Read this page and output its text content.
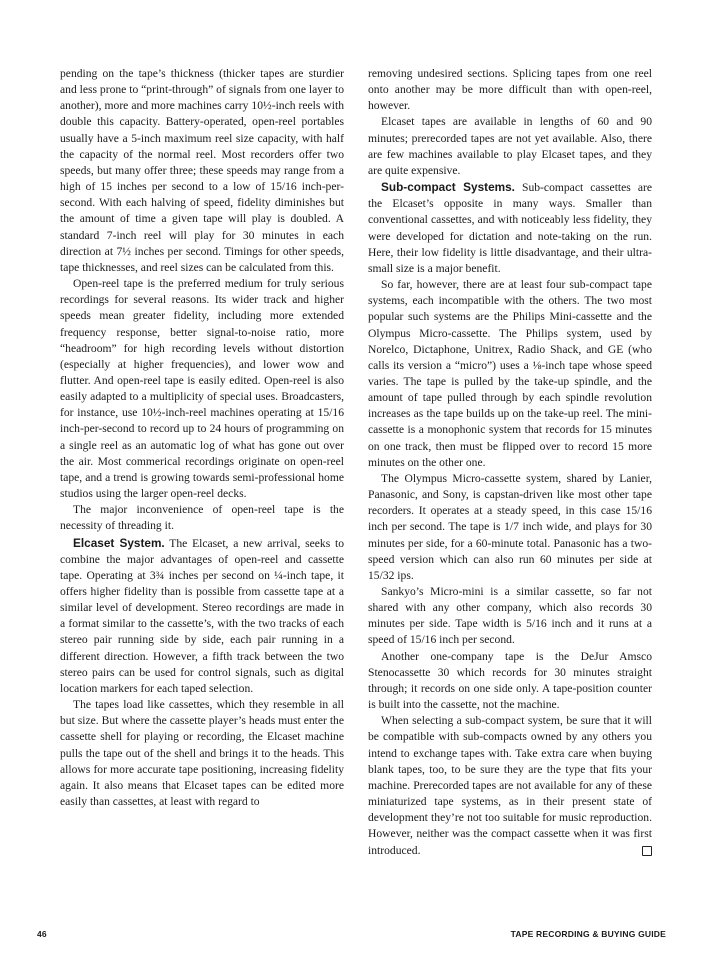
pending on the tape’s thickness (thicker tapes are sturdier and less prone to “print-through” of signals from one layer to another), more and more machines carry 10½-inch reels with double this capacity. Battery-operated, open-reel portables usually have a 5-inch maximum reel size capacity, with half the capacity of the normal reel. Most recorders offer two speeds, but many offer three; these speeds may range from a high of 15 inches per second to a low of 15/16 inch-per-second. With each halving of speed, fidelity diminishes but the amount of time a given tape will play is doubled. A standard 7-inch reel will play for 30 minutes in each direction at 7½ inches per second. Timings for other speeds, tape thicknesses, and reel sizes can be calculated from this.

Open-reel tape is the preferred medium for truly serious recordings for several reasons. Its wider track and higher speeds mean greater fidelity, including more extended frequency response, better signal-to-noise ratio, more “headroom” for high recording levels without distortion (especially at higher frequencies), and lower wow and flutter. And open-reel tape is easily edited. Open-reel is also easily adapted to a multiplicity of special uses. Broadcasters, for instance, use 10½-inch-reel machines operating at 15/16 inch-per-second to record up to 24 hours of programming on a single reel as an automatic log of what has gone out over the air. Most commerical recordings originate on open-reel tape, and a trend is growing towards semi-professional home studios using the larger open-reel decks.

The major inconvenience of open-reel tape is the necessity of threading it.

Elcaset System. The Elcaset, a new arrival, seeks to combine the major advantages of open-reel and cassette tape. Operating at 3¾ inches per second on ¼-inch tape, it offers higher fidelity than is possible from cassette tape at a similar level of development. Stereo recordings are made in a format similar to the cassette’s, with the two tracks of each stereo pair running side by side, each pair running in a different direction. However, a fifth track between the two stereo pairs can be used for control signals, such as digital location markers for each taped selection.

The tapes load like cassettes, which they resemble in all but size. But where the cassette player’s heads must enter the cassette shell for playing or recording, the Elcaset machine pulls the tape out of the shell and brings it to the heads. This allows for more accurate tape positioning, increasing fidelity again. It also means that Elcaset tapes can be edited more easily than cassettes, at least with regard to

removing undesired sections. Splicing tapes from one reel onto another may be more difficult than with open-reel, however.

Elcaset tapes are available in lengths of 60 and 90 minutes; prerecorded tapes are not yet available. Also, there are few machines available to play Elcaset tapes, and they are quite expensive.

Sub-compact Systems. Sub-compact cassettes are the Elcaset’s opposite in many ways. Smaller than conventional cassettes, and with noticeably less fidelity, they were developed for dictation and note-taking on the run. Here, their low fidelity is little disadvantage, and their ultra-small size is a major benefit.

So far, however, there are at least four sub-compact tape systems, each incompatible with the others. The two most popular such systems are the Philips Mini-cassette and the Olympus Micro-cassette. The Philips system, used by Norelco, Dictaphone, Unitrex, Radio Shack, and GE (who calls its version a “micro”) uses a ⅛-inch tape whose speed varies. The tape is pulled by the take-up spindle, and the amount of tape pulled through by each spindle revolution increases as the tape builds up on the take-up reel. The mini-cassette is a monophonic system that records for 15 minutes on one track, then must be flipped over to record 15 more minutes on the other one.

The Olympus Micro-cassette system, shared by Lanier, Panasonic, and Sony, is capstan-driven like most other tape recorders. It operates at a steady speed, in this case 15/16 inch per second. The tape is 1/7 inch wide, and plays for 30 minutes per side, for a 60-minute total. Panasonic has a two-speed version which can also run 60 minutes per side at 15/32 ips.

Sankyo’s Micro-mini is a similar cassette, so far not shared with any other company, which also records 30 minutes per side. Tape width is 5/16 inch and it runs at a speed of 15/16 inch per second.

Another one-company tape is the DeJur Amsco Stenocassette 30 which records for 30 minutes straight through; it records on one side only. A tape-position counter is built into the cassette, not the machine.

When selecting a sub-compact system, be sure that it will be compatible with sub-compacts owned by any others you intend to exchange tapes with. Take extra care when buying blank tapes, too, to be sure they are the type that fits your machine. Prerecorded tapes are not available for any of these miniaturized tape systems, as in their present state of development they’re not too suitable for music reproduction. However, neither was the compact cassette when it was first introduced.

46	TAPE RECORDING & BUYING GUIDE
